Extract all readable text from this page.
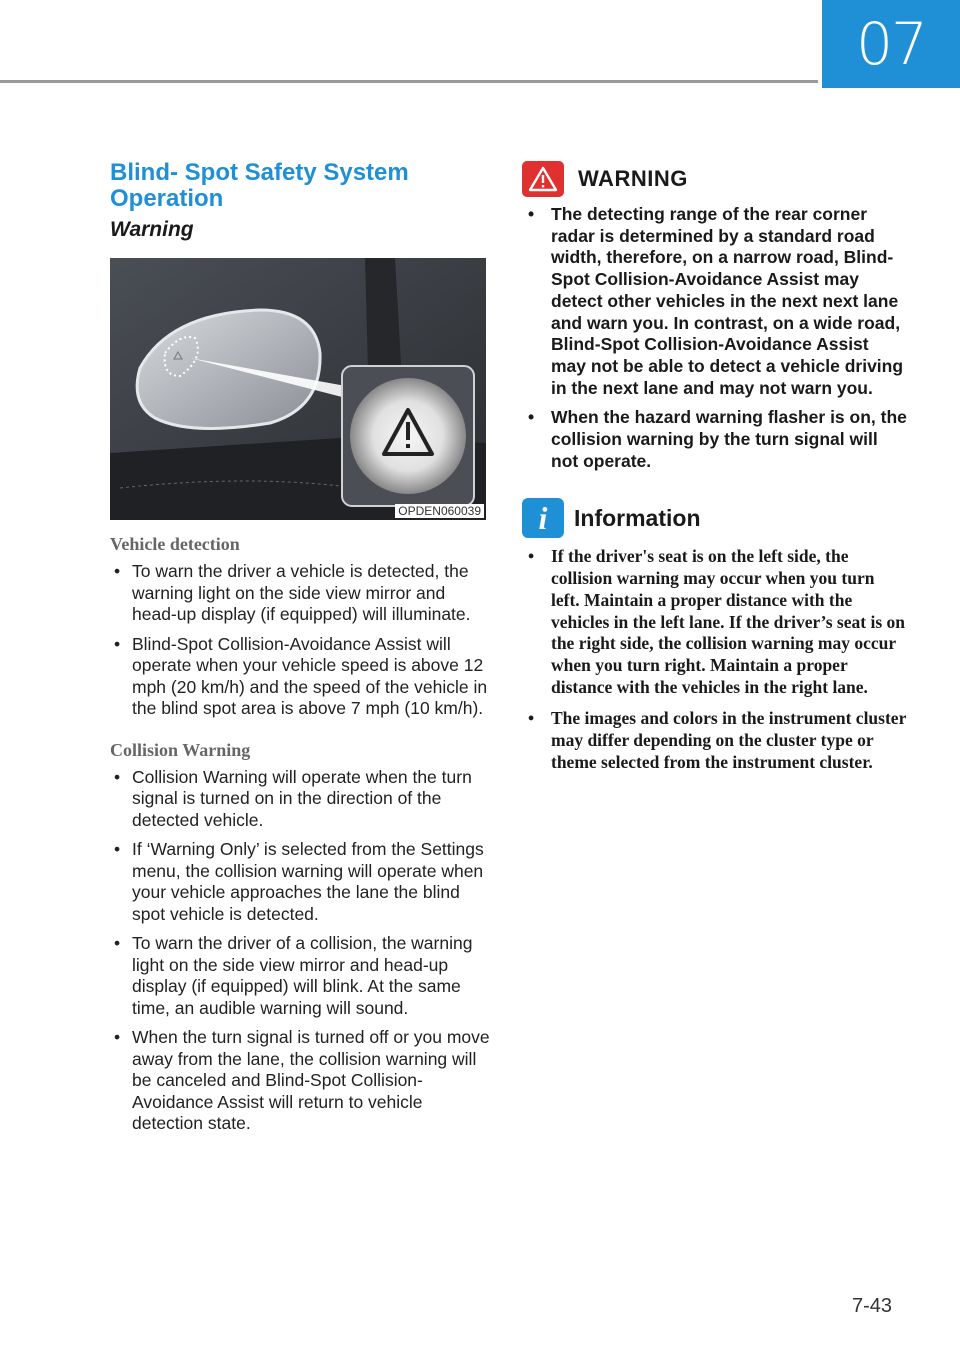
07
Blind- Spot Safety System Operation
Warning
OPDEN060039
Vehicle detection
• To warn the driver a vehicle is detected, the warning light on the side view mirror and head-up display (if equipped) will illuminate.
• Blind-Spot Collision-Avoidance Assist will operate when your vehicle speed is above 12 mph (20 km/h) and the speed of the vehicle in the blind spot area is above 7 mph (10 km/h).
Collision Warning
• Collision Warning will operate when the turn signal is turned on in the direction of the detected vehicle.
• If ‘Warning Only’ is selected from the Settings menu, the collision warning will operate when your vehicle approaches the lane the blind spot vehicle is detected.
• To warn the driver of a collision, the warning light on the side view mirror and head-up display (if equipped) will blink. At the same time, an audible warning will sound.
• When the turn signal is turned off or you move away from the lane, the collision warning will be canceled and Blind-Spot Collision-Avoidance Assist will return to vehicle detection state.
WARNING
• The detecting range of the rear corner radar is determined by a standard road width, therefore, on a narrow road, Blind-Spot Collision-Avoidance Assist may detect other vehicles in the next next lane and warn you. In contrast, on a wide road, Blind-Spot Collision-Avoidance Assist may not be able to detect a vehicle driving in the next lane and may not warn you.
• When the hazard warning flasher is on, the collision warning by the turn signal will not operate.
i	Information
• If the driver's seat is on the left side, the collision warning may occur when you turn left. Maintain a proper distance with the vehicles in the left lane. If the driver’s seat is on the right side, the collision warning may occur when you turn right. Maintain a proper distance with the vehicles in the right lane.
• The images and colors in the instrument cluster may differ depending on the cluster type or theme selected from the instrument cluster.
7-43
